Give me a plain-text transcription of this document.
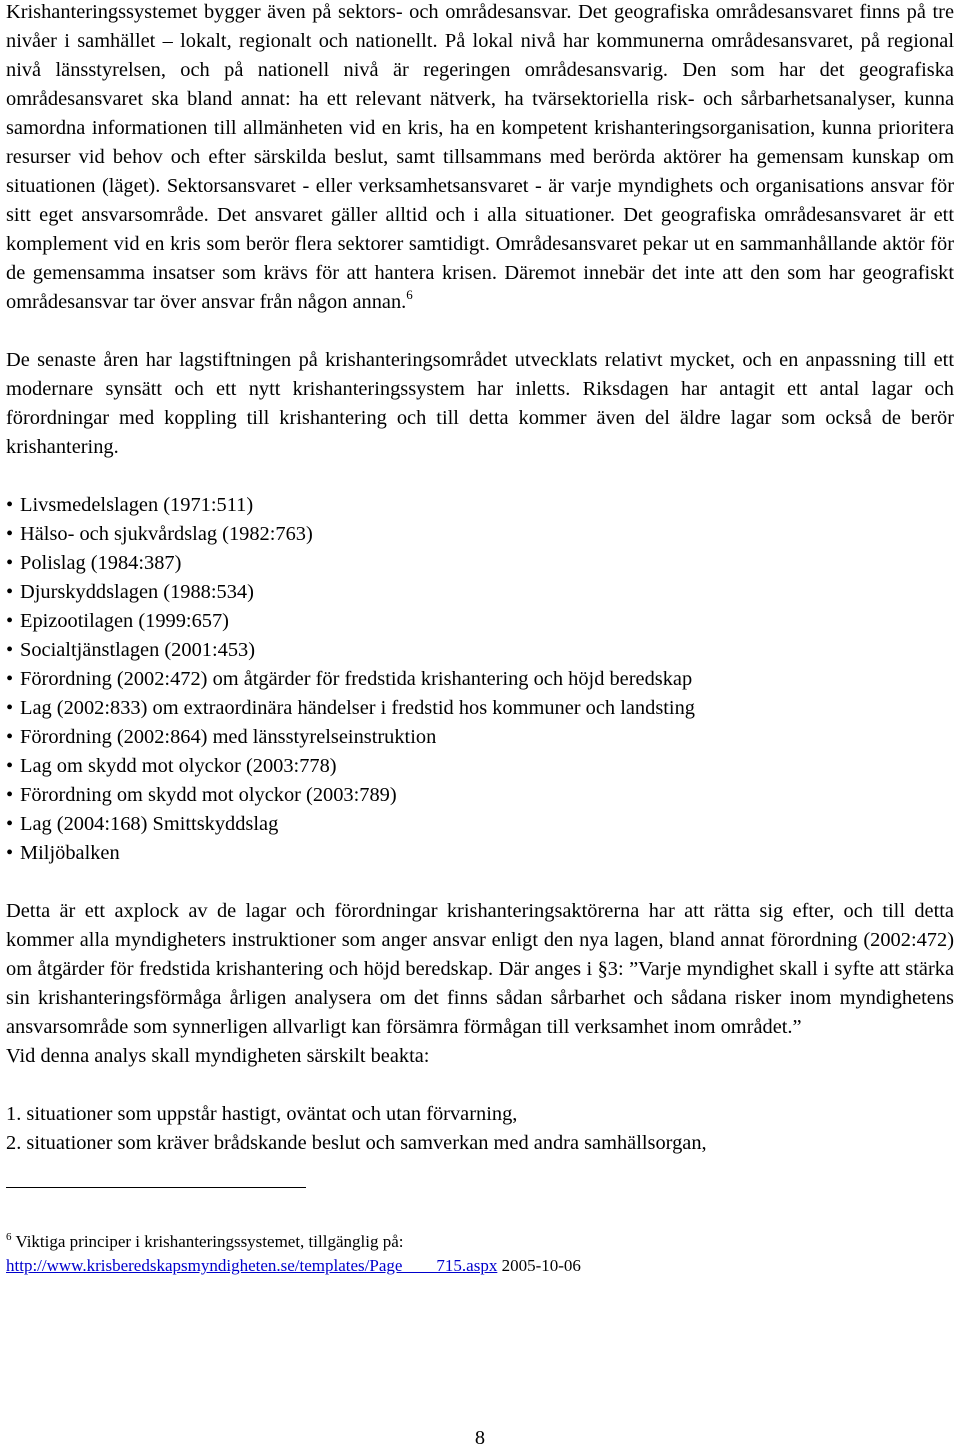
Krishanteringssystemet bygger även på sektors- och områdesansvar. Det geografiska områdesansvaret finns på tre nivåer i samhället – lokalt, regionalt och nationellt. På lokal nivå har kommunerna områdesansvaret, på regional nivå länsstyrelsen, och på nationell nivå är regeringen områdesansvarig. Den som har det geografiska områdesansvaret ska bland annat: ha ett relevant nätverk, ha tvärsektoriella risk- och sårbarhetsanalyser, kunna samordna informationen till allmänheten vid en kris, ha en kompetent krishanteringsorganisation, kunna prioritera resurser vid behov och efter särskilda beslut, samt tillsammans med berörda aktörer ha gemensam kunskap om situationen (läget). Sektorsansvaret - eller verksamhetsansvaret - är varje myndighets och organisations ansvar för sitt eget ansvarsområde. Det ansvaret gäller alltid och i alla situationer. Det geografiska områdesansvaret är ett komplement vid en kris som berör flera sektorer samtidigt. Områdesansvaret pekar ut en sammanhållande aktör för de gemensamma insatser som krävs för att hantera krisen. Däremot innebär det inte att den som har geografiskt områdesansvar tar över ansvar från någon annan.$^6$

De senaste åren har lagstiftningen på krishanteringsområdet utvecklats relativt mycket, och en anpassning till ett modernare synsätt och ett nytt krishanteringssystem har inletts. Riksdagen har antagit ett antal lagar och förordningar med koppling till krishantering och till detta kommer även del äldre lagar som också de berör krishantering.

• Livsmedelslagen (1971:511)
• Hälso- och sjukvårdslag (1982:763)
• Polislag (1984:387)
• Djurskyddslagen (1988:534)
• Epizootilagen (1999:657)
• Socialtjänstlagen (2001:453)
• Förordning (2002:472) om åtgärder för fredstida krishantering och höjd beredskap
• Lag (2002:833) om extraordinära händelser i fredstid hos kommuner och landsting
• Förordning (2002:864) med länsstyrelseinstruktion
• Lag om skydd mot olyckor (2003:778)
• Förordning om skydd mot olyckor (2003:789)
• Lag (2004:168) Smittskyddslag
• Miljöbalken

Detta är ett axplock av de lagar och förordningar krishanteringsaktörerna har att rätta sig efter, och till detta kommer alla myndigheters instruktioner som anger ansvar enligt den nya lagen, bland annat förordning (2002:472) om åtgärder för fredstida krishantering och höjd beredskap. Där anges i §3: ”Varje myndighet skall i syfte att stärka sin krishanteringsförmåga årligen analysera om det finns sådan sårbarhet och sådana risker inom myndighetens ansvarsområde som synnerligen allvarligt kan försämra förmågan till verksamhet inom området.”

Vid denna analys skall myndigheten särskilt beakta:

1. situationer som uppstår hastigt, oväntat och utan förvarning,
2. situationer som kräver brådskande beslut och samverkan med andra samhällsorgan,
$^6$ Viktiga principer i krishanteringssystemet, tillgänglig på:
http://www.krisberedskapsmyndigheten.se/templates/Page____715.aspx 2005-10-06
8
